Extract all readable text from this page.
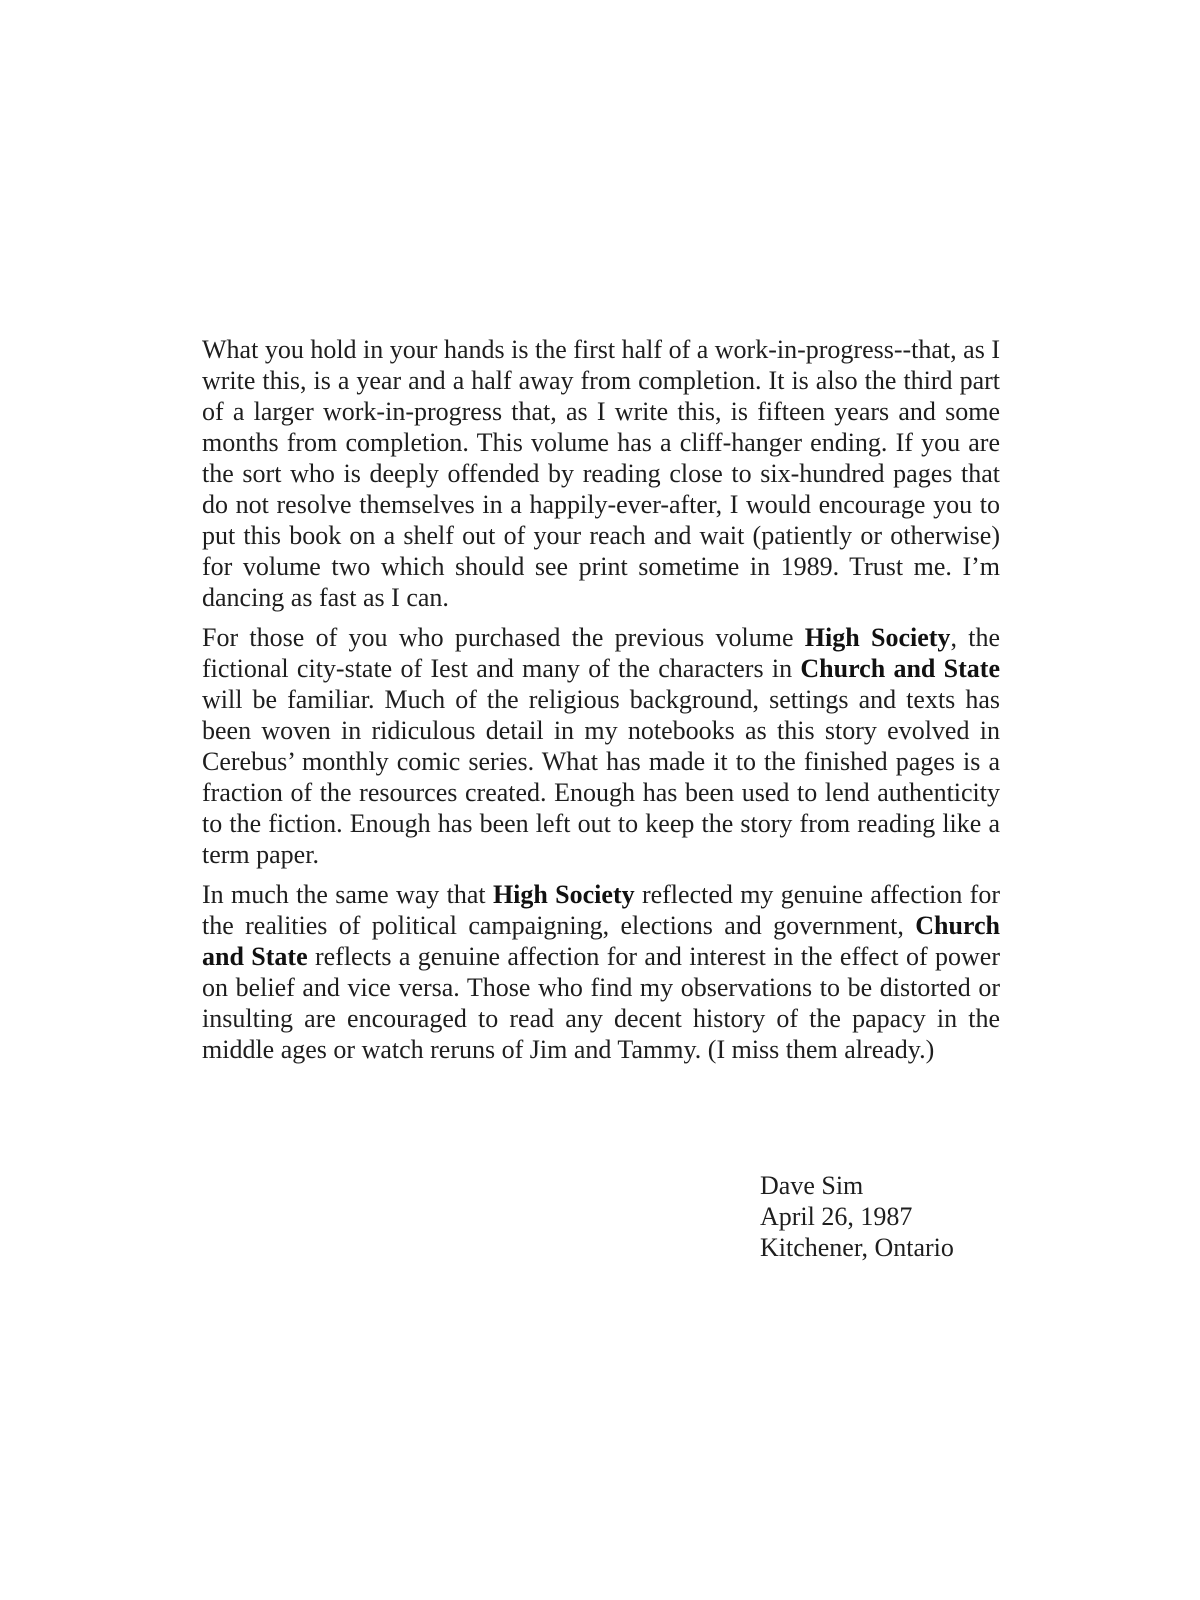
What you hold in your hands is the first half of a work-in-progress--that, as I write this, is a year and a half away from completion. It is also the third part of a larger work-in-progress that, as I write this, is fifteen years and some months from completion. This volume has a cliff-hanger ending. If you are the sort who is deeply offended by reading close to six-hundred pages that do not resolve themselves in a happily-ever-after, I would encourage you to put this book on a shelf out of your reach and wait (patiently or otherwise) for volume two which should see print sometime in 1989. Trust me. I’m dancing as fast as I can.

For those of you who purchased the previous volume High Society, the fictional city-state of Iest and many of the characters in Church and State will be familiar. Much of the religious background, settings and texts has been woven in ridiculous detail in my notebooks as this story evolved in Cerebus’ monthly comic series. What has made it to the finished pages is a fraction of the resources created. Enough has been used to lend authenticity to the fiction. Enough has been left out to keep the story from reading like a term paper.

In much the same way that High Society reflected my genuine affection for the realities of political campaigning, elections and government, Church and State reflects a genuine affection for and interest in the effect of power on belief and vice versa. Those who find my observations to be distorted or insulting are encouraged to read any decent history of the papacy in the middle ages or watch reruns of Jim and Tammy. (I miss them already.)

Dave Sim
April 26, 1987
Kitchener, Ontario
